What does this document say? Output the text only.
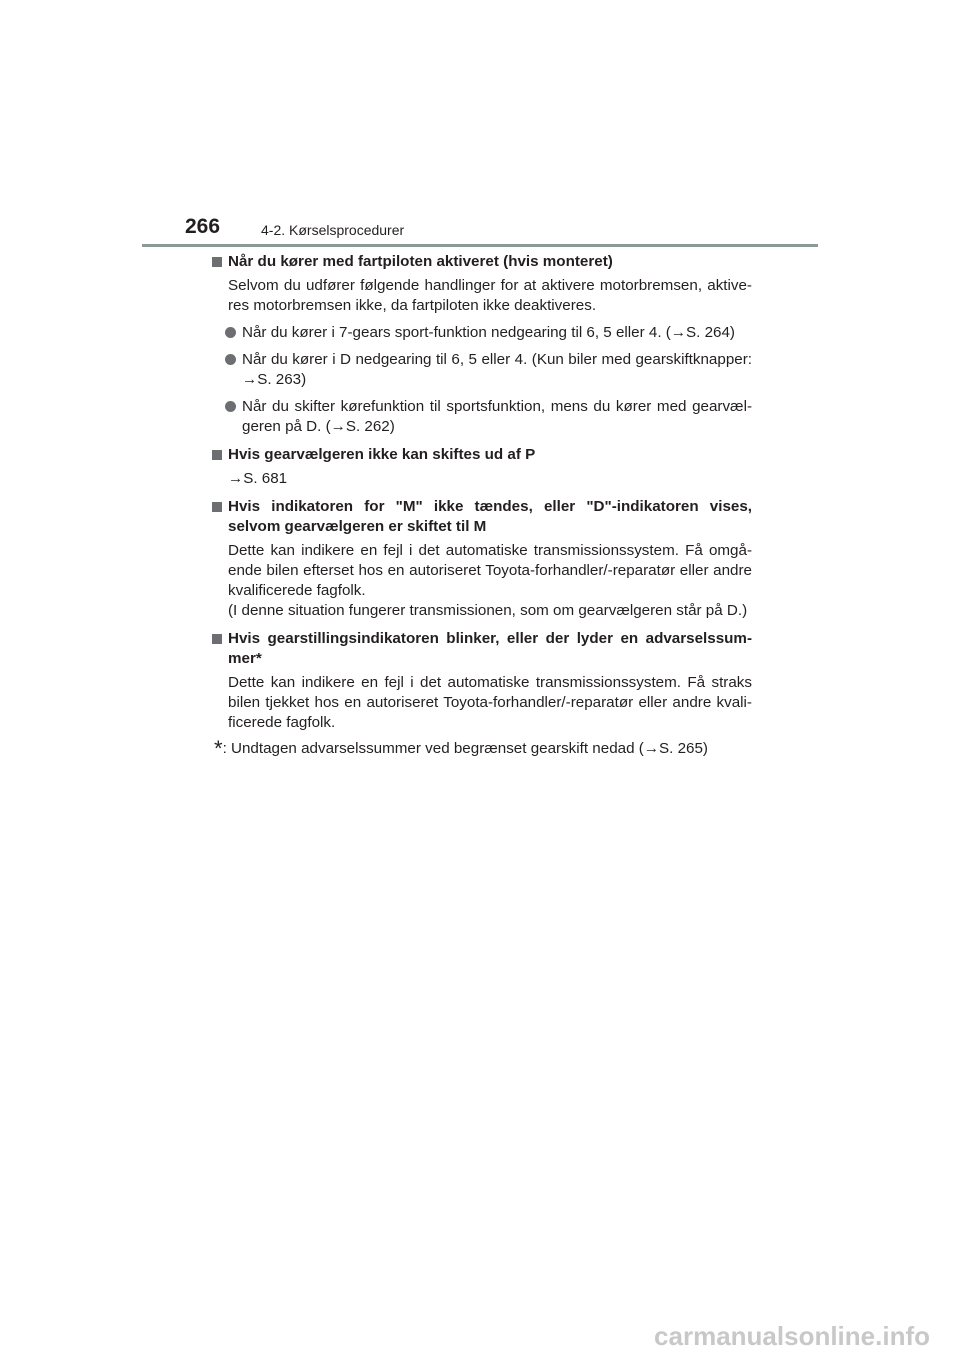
266	4-2. Kørselsprocedurer
Når du kører med fartpiloten aktiveret (hvis monteret)
Selvom du udfører følgende handlinger for at aktivere motorbremsen, aktive-res motorbremsen ikke, da fartpiloten ikke deaktiveres.
Når du kører i 7-gears sport-funktion nedgearing til 6, 5 eller 4. (→S. 264)
Når du kører i D nedgearing til 6, 5 eller 4. (Kun biler med gearskiftknapper: →S. 263)
Når du skifter kørefunktion til sportsfunktion, mens du kører med gearvæl-geren på D. (→S. 262)
Hvis gearvælgeren ikke kan skiftes ud af P
→S. 681
Hvis indikatoren for "M" ikke tændes, eller "D"-indikatoren vises, selvom gearvælgeren er skiftet til M
Dette kan indikere en fejl i det automatiske transmissionssystem. Få omgå-ende bilen efterset hos en autoriseret Toyota-forhandler/-reparatør eller andre kvalificerede fagfolk.
(I denne situation fungerer transmissionen, som om gearvælgeren står på D.)
Hvis gearstillingsindikatoren blinker, eller der lyder en advarselssum-mer*
Dette kan indikere en fejl i det automatiske transmissionssystem. Få straks bilen tjekket hos en autoriseret Toyota-forhandler/-reparatør eller andre kvali-ficerede fagfolk.
*: Undtagen advarselssummer ved begrænset gearskift nedad (→S. 265)
carmanualsonline.info
